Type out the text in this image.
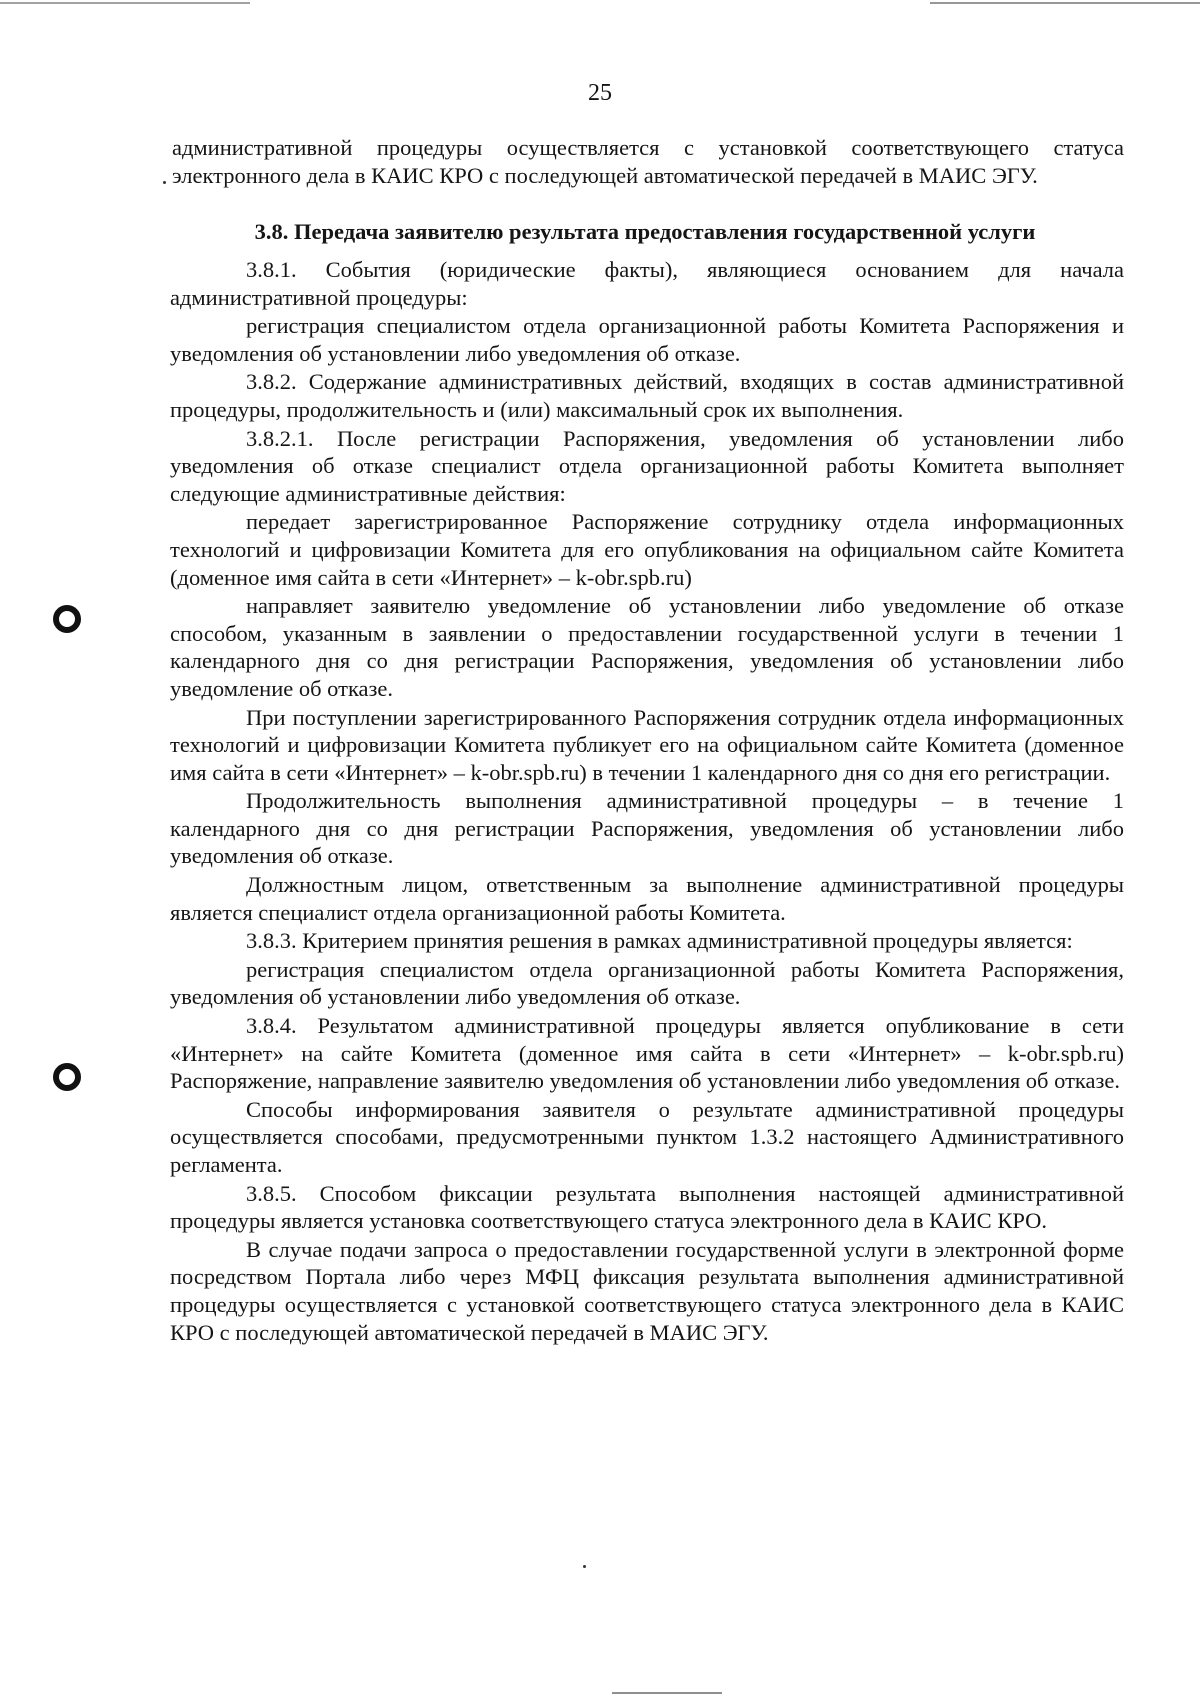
25

административной процедуры осуществляется с установкой соответствующего статуса электронного дела в КАИС КРО с последующей автоматической передачей в МАИС ЭГУ.

3.8. Передача заявителю результата предоставления государственной услуги

3.8.1. События (юридические факты), являющиеся основанием для начала административной процедуры:

регистрация специалистом отдела организационной работы Комитета Распоряжения и уведомления об установлении либо уведомления об отказе.

3.8.2. Содержание административных действий, входящих в состав административной процедуры, продолжительность и (или) максимальный срок их выполнения.

3.8.2.1. После регистрации Распоряжения, уведомления об установлении либо уведомления об отказе специалист отдела организационной работы Комитета выполняет следующие административные действия:

передает зарегистрированное Распоряжение сотруднику отдела информационных технологий и цифровизации Комитета для его опубликования на официальном сайте Комитета (доменное имя сайта в сети «Интернет» – k-obr.spb.ru)

направляет заявителю уведомление об установлении либо уведомление об отказе способом, указанным в заявлении о предоставлении государственной услуги в течении 1 календарного дня со дня регистрации Распоряжения, уведомления об установлении либо уведомление об отказе.

При поступлении зарегистрированного Распоряжения сотрудник отдела информационных технологий и цифровизации Комитета публикует его на официальном сайте Комитета (доменное имя сайта в сети «Интернет» – k-obr.spb.ru) в течении 1 календарного дня со дня его регистрации.

Продолжительность выполнения административной процедуры – в течение 1 календарного дня со дня регистрации Распоряжения, уведомления об установлении либо уведомления об отказе.

Должностным лицом, ответственным за выполнение административной процедуры является специалист отдела организационной работы Комитета.

3.8.3. Критерием принятия решения в рамках административной процедуры является:

регистрация специалистом отдела организационной работы Комитета Распоряжения, уведомления об установлении либо уведомления об отказе.

3.8.4. Результатом административной процедуры является опубликование в сети «Интернет» на сайте Комитета (доменное имя сайта в сети «Интернет» – k-obr.spb.ru) Распоряжение, направление заявителю уведомления об установлении либо уведомления об отказе.

Способы информирования заявителя о результате административной процедуры осуществляется способами, предусмотренными пунктом 1.3.2 настоящего Административного регламента.

3.8.5. Способом фиксации результата выполнения настоящей административной процедуры является установка соответствующего статуса электронного дела в КАИС КРО.

В случае подачи запроса о предоставлении государственной услуги в электронной форме посредством Портала либо через МФЦ фиксация результата выполнения административной процедуры осуществляется с установкой соответствующего статуса электронного дела в КАИС КРО с последующей автоматической передачей в МАИС ЭГУ.
